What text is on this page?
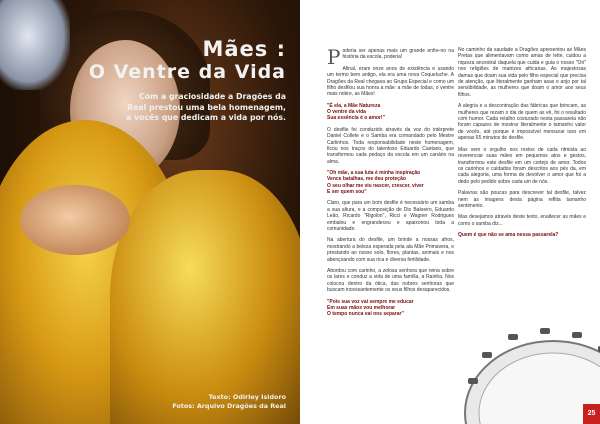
Mães :
O Ventre da Vida
Com a graciosidade a Dragões da Real prestou uma bela homenagem, a vocês que dedicam a vida por nós.
Texto: Odirley Isidoro
Fotos: Arquivo Dragões da Real

Poderia ser apenas mais um grande enfre-no na história da escola, poderia!

Afinal, eram onze anos de existência e usando um termo bem antigo, ela era uma nova Coqueluche. A Dragões da Real chegava ao Grupo Especial e como um filho desfilou sua honra a mãe: a mãe de todas, o ventre mais nobre, as Mães!

"É ela, a Mãe Natureza
O ventre da vida
Sua essência é o amor!"

O desfile foi conduzido através da voz do intérprete Daniel Collete e o Samba era comandado pelo Mestre Carlinhos. Toda responsabilidade neste homenagem, ficou nos traços do talentoso Eduardo Caetano, que transformou cada pedaço da escola em um canário na alma.

"Oh mãe, a sua luta é minha inspiração
Vence batalhas, me deu proteção
O seu olhar me viu nascer, crescer, viver
E ser quem sou"

Claro, que para um bom desfile é necessário um samba a sua altura, e a composição de Dio Baloeiro, Eduardo Leão, Ricardo "Rigolon", Ricci e Wagner Rodrigues embalou e engrandeceu e apaixonou toda a comunidade.

Na abertura do desfile, um brinde a nossas afros, mostrando a beleza esperada pela ala Mãe Primavera, e prestando ao nosso solo, flores, plantas, animais e nos abençoando com sua rica e diversa fertilidade.

Abordou com carinho, a zelosa senhora que reina sobre os lares e conduz a vida de uma família, a Rainha. Nos colocou dentro da ótica, das nobres senhoras que buscam incessantemente os seus filhos desaparecidos.

"Pois sua voz vai sempre me educar
Em suas mãos vou melhorar
O tempo nunca vai nos separar"

No caminho da saudade a Dragões apresentou as Mães Pretas que alimentavam como amas de leite, cuidou a riqueza ancestral daquela que cuida e guia o nosso "Ori" nos religiões de matrizes africanas. As majestosas damas que doam sua vida pelo filho especial que precisa de atenção, que literalmente ganham asas e anjo por tal sensibilidade, as mulheres que doam o amor aos seus filhos.

A alegria e a descontração das fábricas que brincam, as mulheres que rezam o dia de quem as vê, foi o resultado com humor. Cada retalho costurado nesta passarela não foram capazes de mostrar literalmente o tamanho valor de vocês, até porque é impossível mensurar isso em apenas 65 minutos de desfile.

Mas vem o orgulho nos rostos de cada ritmista ao reverenciar suas mães em pequenos atos e gestos, transformou este desfile em um cortejo de amor. Todos os carinhos e cuidados foram descritos aos pés da, em cada alegoria, uma forma de devolver o amor que foi a dedo pelo pedido sobre cada um de nós.

Palavras são poucas para descrever tal desfile, talvez nem as imagens desta página reflita tamanho sentimento.

Mas desejamos através deste texto, enaltecer as mães e como o samba diz...

Quem é que não se ama nessa passarela?

25
